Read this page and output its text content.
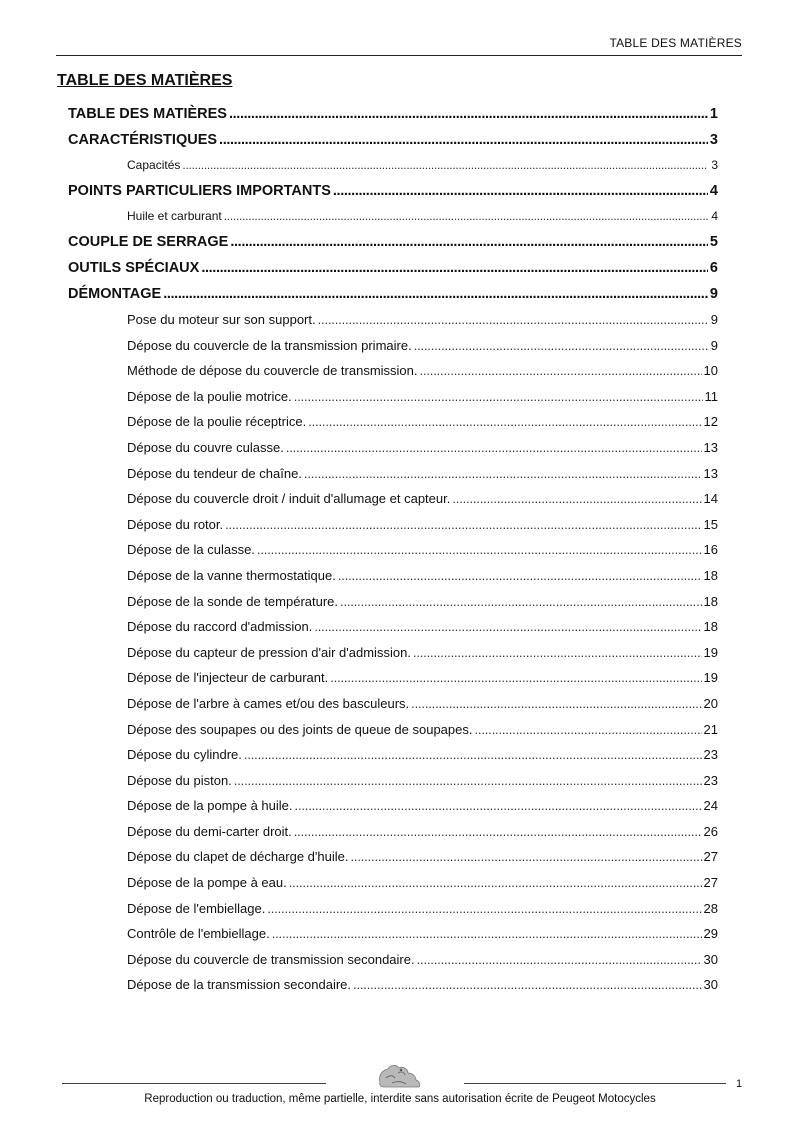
TABLE DES MATIÈRES
TABLE DES MATIÈRES
TABLE DES MATIÈRES . . .	1
CARACTÉRISTIQUES . . .	3
Capacités . . .	3
POINTS PARTICULIERS IMPORTANTS . . .	4
Huile et carburant . . .	4
COUPLE DE SERRAGE . . .	5
OUTILS SPÉCIAUX . . .	6
DÉMONTAGE . . .	9
Pose du moteur sur son support. . . .	9
Dépose du couvercle de la transmission primaire. . . .	9
Méthode de dépose du couvercle de transmission. . . .	10
Dépose de la poulie motrice. . . .	11
Dépose de la poulie réceptrice. . . .	12
Dépose du couvre culasse. . . .	13
Dépose du tendeur de chaîne. . . .	13
Dépose du couvercle droit / induit d'allumage et capteur. . . .	14
Dépose du rotor. . . .	15
Dépose de la culasse. . . .	16
Dépose de la vanne thermostatique. . . .	18
Dépose de la sonde de température. . . .	18
Dépose du raccord d'admission. . . .	18
Dépose du capteur de pression d'air d'admission. . . .	19
Dépose de l'injecteur de carburant. . . .	19
Dépose de l'arbre à cames et/ou des basculeurs. . . .	20
Dépose des soupapes ou des joints de queue de soupapes. . . .	21
Dépose du cylindre. . . .	23
Dépose du piston. . . .	23
Dépose de la pompe à huile. . . .	24
Dépose du demi-carter droit. . . .	26
Dépose du clapet de décharge d'huile. . . .	27
Dépose de la pompe à eau. . . .	27
Dépose de l'embiellage. . . .	28
Contrôle de l'embiellage. . . .	29
Dépose du couvercle de transmission secondaire. . . .	30
Dépose de la transmission secondaire. . . .	30
1
Reproduction ou traduction, même partielle, interdite sans autorisation écrite de Peugeot Motocycles
